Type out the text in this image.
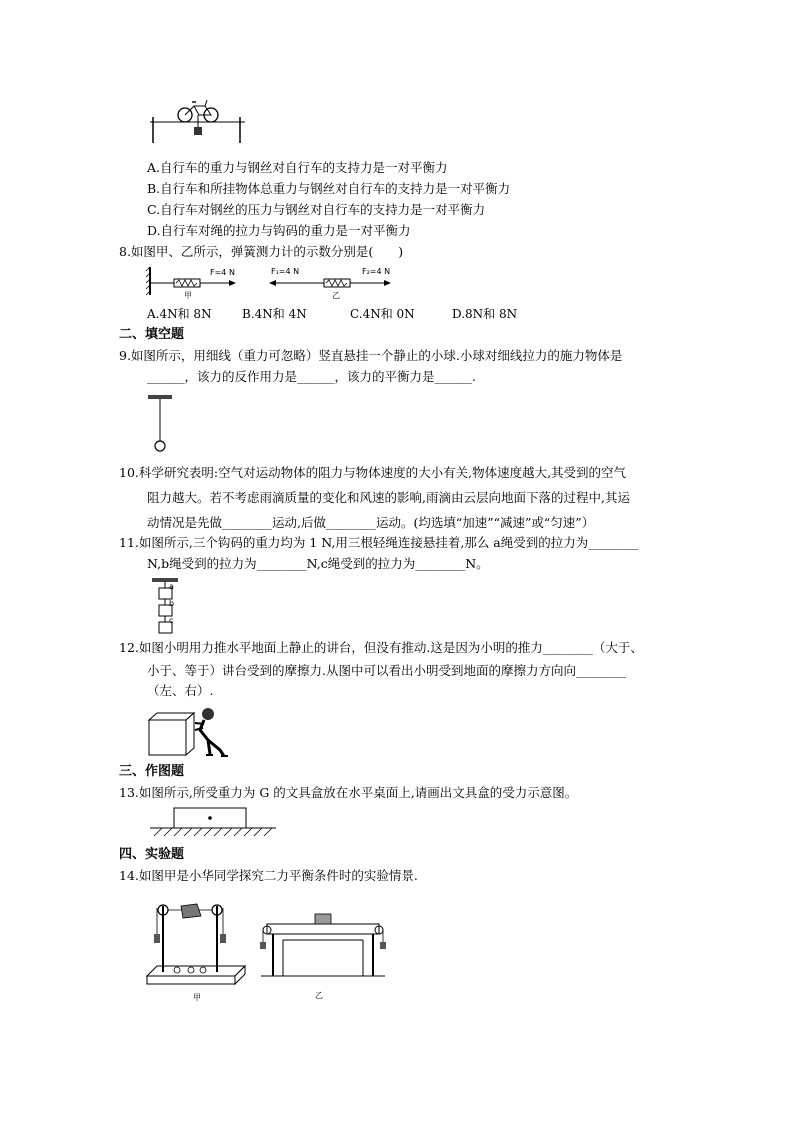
A.自行车的重力与钢丝对自行车的支持力是一对平衡力
B.自行车和所挂物体总重力与钢丝对自行车的支持力是一对平衡力
C.自行车对钢丝的压力与钢丝对自行车的支持力是一对平衡力
D.自行车对绳的拉力与钩码的重力是一对平衡力
8.如图甲、乙所示，弹簧测力计的示数分别是(　　)
F=4 N
甲
F₁=4 N	F₂=4 N
乙
A.4N和 8N	B.4N和 4N	C.4N和 0N	D.8N和 8N
二、填空题
9.如图所示，用细线（重力可忽略）竖直悬挂一个静止的小球.小球对细线拉力的施力物体是
______，该力的反作用力是______，该力的平衡力是______.
10.科学研究表明:空气对运动物体的阻力与物体速度的大小有关,物体速度越大,其受到的空气
阻力越大。若不考虑雨滴质量的变化和风速的影响,雨滴由云层向地面下落的过程中,其运
动情况是先做________运动,后做________运动。(均选填“加速”“减速”或“匀速”）
11.如图所示,三个钩码的重力均为 1 N,用三根轻绳连接悬挂着,那么 a绳受到的拉力为________
N,b绳受到的拉力为________N,c绳受到的拉力为________N。
a
b
c
12.如图小明用力推水平地面上静止的讲台，但没有推动.这是因为小明的推力________（大于、
小于、等于）讲台受到的摩擦力.从图中可以看出小明受到地面的摩擦力方向向________
（左、右）.
三、作图题
13.如图所示,所受重力为 G 的文具盒放在水平桌面上,请画出文具盒的受力示意图。
四、实验题
14.如图甲是小华同学探究二力平衡条件时的实验情景.
甲	乙
